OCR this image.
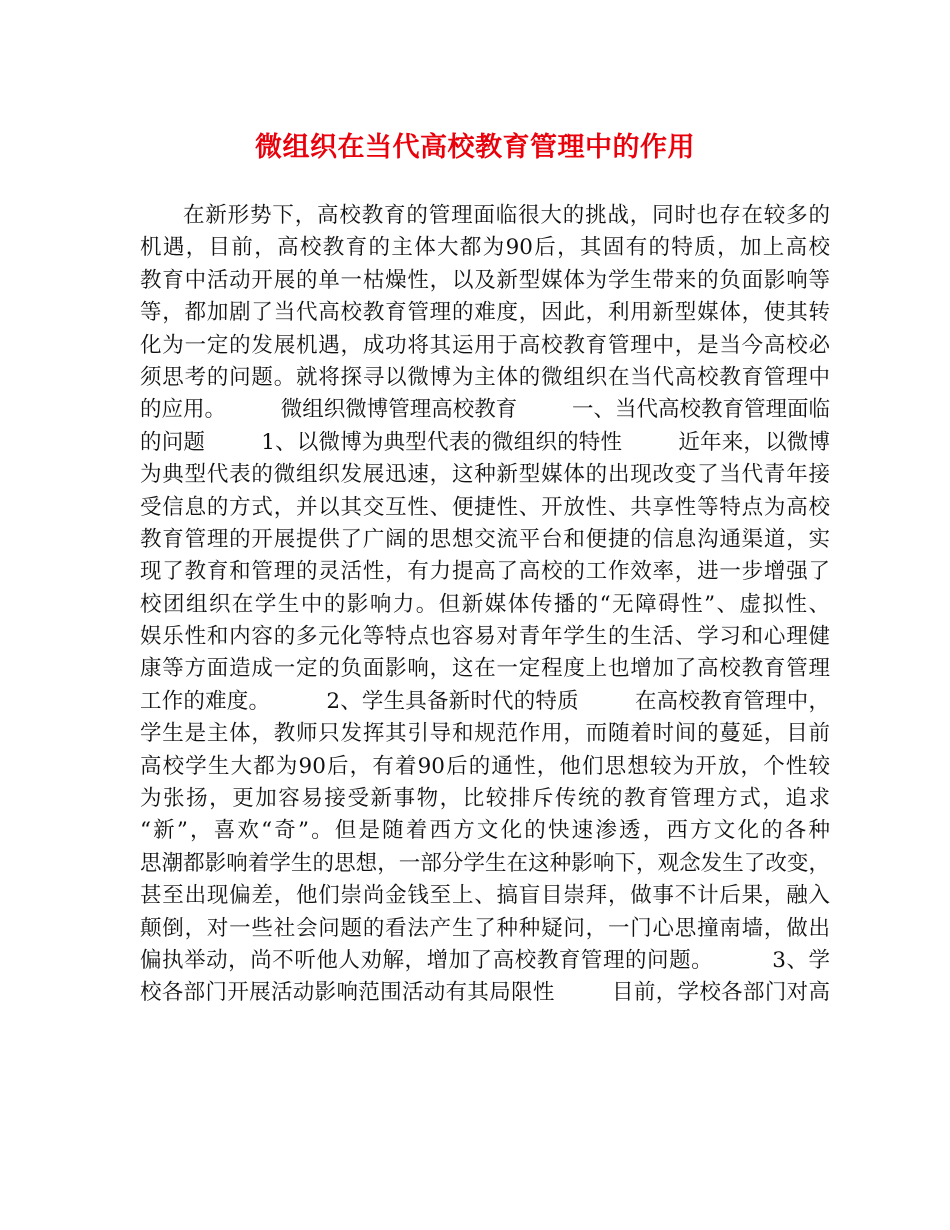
微组织在当代高校教育管理中的作用
在新形势下，高校教育的管理面临很大的挑战，同时也存在较多的
机遇，目前，高校教育的主体大都为90后，其固有的特质，加上高校
教育中活动开展的单一枯燥性，以及新型媒体为学生带来的负面影响等
等，都加剧了当代高校教育管理的难度，因此，利用新型媒体，使其转
化为一定的发展机遇，成功将其运用于高校教育管理中，是当今高校必
须思考的问题。就将探寻以微博为主体的微组织在当代高校教育管理中
的应用。        微组织微博管理高校教育        一、当代高校教育管理面临
的问题        1、以微博为典型代表的微组织的特性        近年来，以微博
为典型代表的微组织发展迅速，这种新型媒体的出现改变了当代青年接
受信息的方式，并以其交互性、便捷性、开放性、共享性等特点为高校
教育管理的开展提供了广阔的思想交流平台和便捷的信息沟通渠道，实
现了教育和管理的灵活性，有力提高了高校的工作效率，进一步增强了
校团组织在学生中的影响力。但新媒体传播的“无障碍性”、虚拟性、
娱乐性和内容的多元化等特点也容易对青年学生的生活、学习和心理健
康等方面造成一定的负面影响，这在一定程度上也增加了高校教育管理
工作的难度。        2、学生具备新时代的特质        在高校教育管理中，
学生是主体，教师只发挥其引导和规范作用，而随着时间的蔓延，目前
高校学生大都为90后，有着90后的通性，他们思想较为开放，个性较
为张扬，更加容易接受新事物，比较排斥传统的教育管理方式，追求
“新”，喜欢“奇”。但是随着西方文化的快速渗透，西方文化的各种
思潮都影响着学生的思想，一部分学生在这种影响下，观念发生了改变，
甚至出现偏差，他们崇尚金钱至上、搞盲目崇拜，做事不计后果，融入
颠倒，对一些社会问题的看法产生了种种疑问，一门心思撞南墙，做出
偏执举动，尚不听他人劝解，增加了高校教育管理的问题。        3、学
校各部门开展活动影响范围活动有其局限性        目前，学校各部门对高
